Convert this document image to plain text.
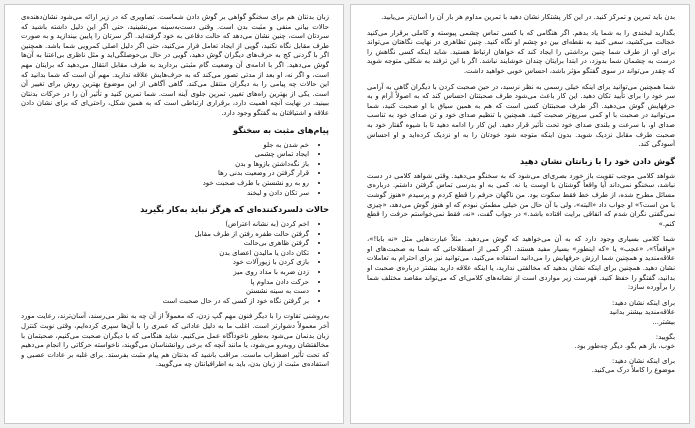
زبان بدنتان هم برای سخنگو گواهی بر گوش دادن شماست. تصاویری که در زیر ارائه می‌شود نشان‌دهنده‌ی حالات بیانی منفی و مثبت بدن است. وقتی دست‌به‌سینه می‌نشینید، حتی اگر این دلیل داشته باشید که سردتان است، چنین نشان می‌دهد که حالت دفاعی به خود گرفته‌اید. اگر سرتان را پایین بیندازید و به صورت طرف مقابل نگاه نکنید، گویی از ایجاد تعامل فرار می‌کنید، حتی اگر دلیل اصلی کمرویی شما باشد. همچنین اگر با گردنی کج به حرف‌های دیگران گوش دهید، گویی در حال بی‌حوصلگی‌اید و مثل ناظری بی‌اعتنا به آن‌ها گوش می‌دهید. اگر با ادامه‌ی آن وضعیت گام مثبتی بردارید به طرف مقابل انتقال می‌دهید که برایتان مهم است، و اگر نه، او بعد از مدتی تصور می‌کند که به حرف‌هایش علاقه ندارید. مهم آن است که شما بدانید که این حالات چه پیامی را به دیگران منتقل می‌کند. گاهی آگاهی از این موضوع بهترین روش برای تغییر آن است. یکی از بهترین راه‌های تغییر، تمرین جلوی آینه است. شما تمرین کنید و تأثیر آن را در حرکات بدنتان ببینید. در نهایت آنچه اهمیت دارد، برقراری ارتباطی است که به همین شکل، راحتی‌ای که برای نشان دادن علاقه و اشتیاقتان به گفتگو وجود دارد.

پیام‌های مثبت به سخنگو
• خم شدن به جلو
• ایجاد تماس چشمی
• باز نگه‌داشتن بازوها و بدن
• قرار گرفتن در وضعیت بدنی رها
• رو به رو نشستن با طرف صحبت خود
• سر تکان دادن و لبخند
حالات دلسردکننده‌ای که هرگز نباید به‌کار بگیرید
• اخم کردن (به نشانه اعتراض)
• گرفتن حالت طفره رفتن از طرف مقابل
• گرفتن ظاهری بی‌حالت
• تکان دادن یا مالیدن اعضای بدن
• بازی کردن با زیورآلات خود
• زدن ضربه با مداد روی میز
• حرکت دادن مداوم پا
• دست به سینه نشستن
• بر گرفتن نگاه خود از کسی که در حال صحبت است

به‌روشنی تفاوت را با دیگر فنون مهم گپ زدن، که معمولاً از آن چه به نظر می‌رسند، آسان‌ترند، رعایت مورد آخر معمولاً دشوارتر است. اغلب ما به دلیل عاداتی که عمری را با آن‌ها سپری کرده‌ایم، وقتی نوبت کنترل زبان بدنمان می‌شود به‌طور ناخودآگاه عمل می‌کنیم. شاید هنگامی که با دیگران صحبت می‌کنیم، صحبتمان با مخالفتشان روبه‌رو می‌شود، یا مانند آنچه که برخی روانشناسان می‌گویند، ناخواسته حرکاتی را انجام می‌دهیم که تحت تأثیر اضطراب ماست. مراقب باشید که بدنتان هم پیام مثبت بفرستد. برای غلبه بر عادات عصبی و استفاده‌ی مثبت از زبان بدن، باید به اطرافیانتان چه می‌گویید.

بدن باید تمرین و تمرکز کنید. در این کار پشتکار نشان دهید با تمرین مداوم هر بار آن را آسان‌تر می‌یابید.

بگذارید لبخندی را به شما یاد بدهم. اگر هنگامی که با کسی تماس چشمی پیوسته و کاملی برقرار می‌کنید خجالت می‌کشید، سعی کنید به نقطه‌ای بین دو چشم او نگاه کنید. چنین تظاهری در نهایت نگاهتان می‌تواند برای او، از طرف شما چنین برداشتی را ایجاد کند که خواهان ارتباط هستید. شاید اینکه کسی نگاهش را درست به چشمان شما بدوزد، در ابتدا برایتان چندان خوشایند نباشد. اگر با این ترفند به شکلی متوجه شوید که چقدر می‌تواند در سوی گفتگو مؤثر باشد، احساس خوبی خواهید داشت.

شما همچنین می‌توانید برای اینکه خیلی رسمی به نظر نرسید، در حین صحبت کردن با دیگران گاهی به آرامی سر خود را برای تأیید تکان دهید. این کار باعث می‌شود طرف صحبتتان احساس کند که به اصولاً آرام و به حرفهایش گوش می‌دهید. اگر طرف صحبتتان کسی است که هم به همین سیاق با او صحبت کنید، شما می‌توانید در صحبت با او کمی سریع‌تر صحبت کنید. همچنین با تنظیم صدای خود و تن صدای خود به تناسب صدای او، با سرعت و بلندی صدای خود تحت تأثیر قرار دهید. این کار را ادامه دهید تا با شیوه گفتار خود به صحبت طرف مقابل نزدیک شوید. بدون اینکه متوجه شود خودتان را به او نزدیک کرده‌اید و او احساس آسودگی کند.

گوش دادن خود را با زبانتان نشان دهید

شواهد کلامی موجب تقویت باز خورد بصری‌ای می‌شود که به سخنگو می‌دهید. وقتی شواهد کلامی در دست نباشد، سخنگو نمی‌داند آیا واقعاً گوشتان با اوست یا نه. کمی به او بدرسی تماس گرفتن داشتم. درباره‌ی مسائل مطرح شده، از طرف خط فقط سکوت بود. من ناگهان حرفم را قطع کردم و پرسیدم «هنوز گوشت با من است؟» او جواب داد «البته»، ولی با آن حال من خیلی مطمئن نبودم که او هنوز گوش می‌دهد، «چیزی نمی‌گفتی نگران شدم که اتفاقی برایت افتاده باشد.» در جواب گفت، «نه، فقط نمی‌خواستم حرفت را قطع کنم.»

شما کلامی بسیاری وجود دارد که به آن می‌خواهید که گوش می‌دهید. مثلاً عبارت‌هایی مثل «نه بابا!»، «واقعاً؟»، «عجب» یا «که اینطور» بسیار مفید هستند. اگر کمی از اصطلاحاتی که شما به صحبت‌های او علاقه‌مندید و همچنین شما ارزش حرفهایش را می‌دانید استفاده می‌کنید، می‌توانید نیز برای احترام به تعاملات نشان دهید. همچنین برای اینکه نشان بدهید که مخالفتی ندارید، یا اینکه علاقه دارید بیشتر درباره‌ی صحبت او بدانید، گفتگو را حفظ کنید. فهرست زیر مواردی است از نشانه‌های کلامی‌ای که می‌تواند مقاصد مختلف شما را برآورده سازد:

برای اینکه نشان دهید:
علاقه‌مندید بیشتر بدانید
بیشتر...
بگویید:
خوب، باز هم بگو. دیگر چه‌طور بود.
برای اینکه نشان دهید:
موضوع را کاملاً درک می‌کنید.
